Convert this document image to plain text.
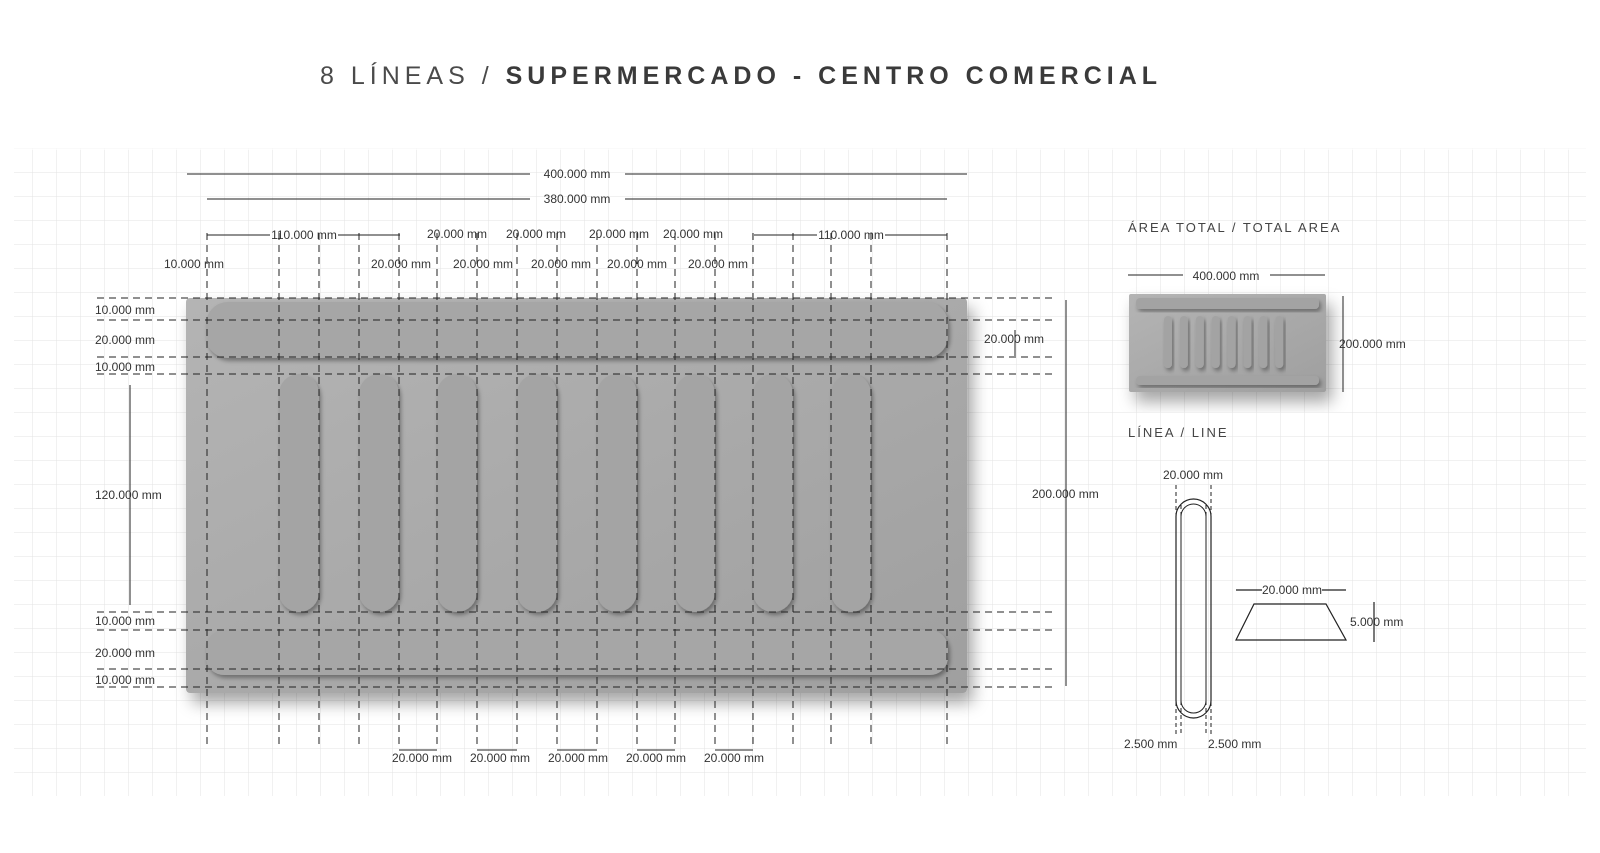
8 LÍNEAS / SUPERMERCADO - CENTRO COMERCIAL
400.000 mm
380.000 mm
110.000 mm	110.000 mm
10.000 mm
20.000 mm 20.000 mm 20.000 mm 20.000 mm
20.000 mm 20.000 mm 20.000 mm 20.000 mm 20.000 mm
10.000 mm
20.000 mm
10.000 mm
120.000 mm
10.000 mm
20.000 mm
10.000 mm
20.000 mm
200.000 mm
20.000 mm 20.000 mm 20.000 mm 20.000 mm 20.000 mm
ÁREA TOTAL / TOTAL AREA
400.000 mm
200.000 mm
LÍNEA / LINE
20.000 mm
2.500 mm	2.500 mm
20.000 mm
5.000 mm
